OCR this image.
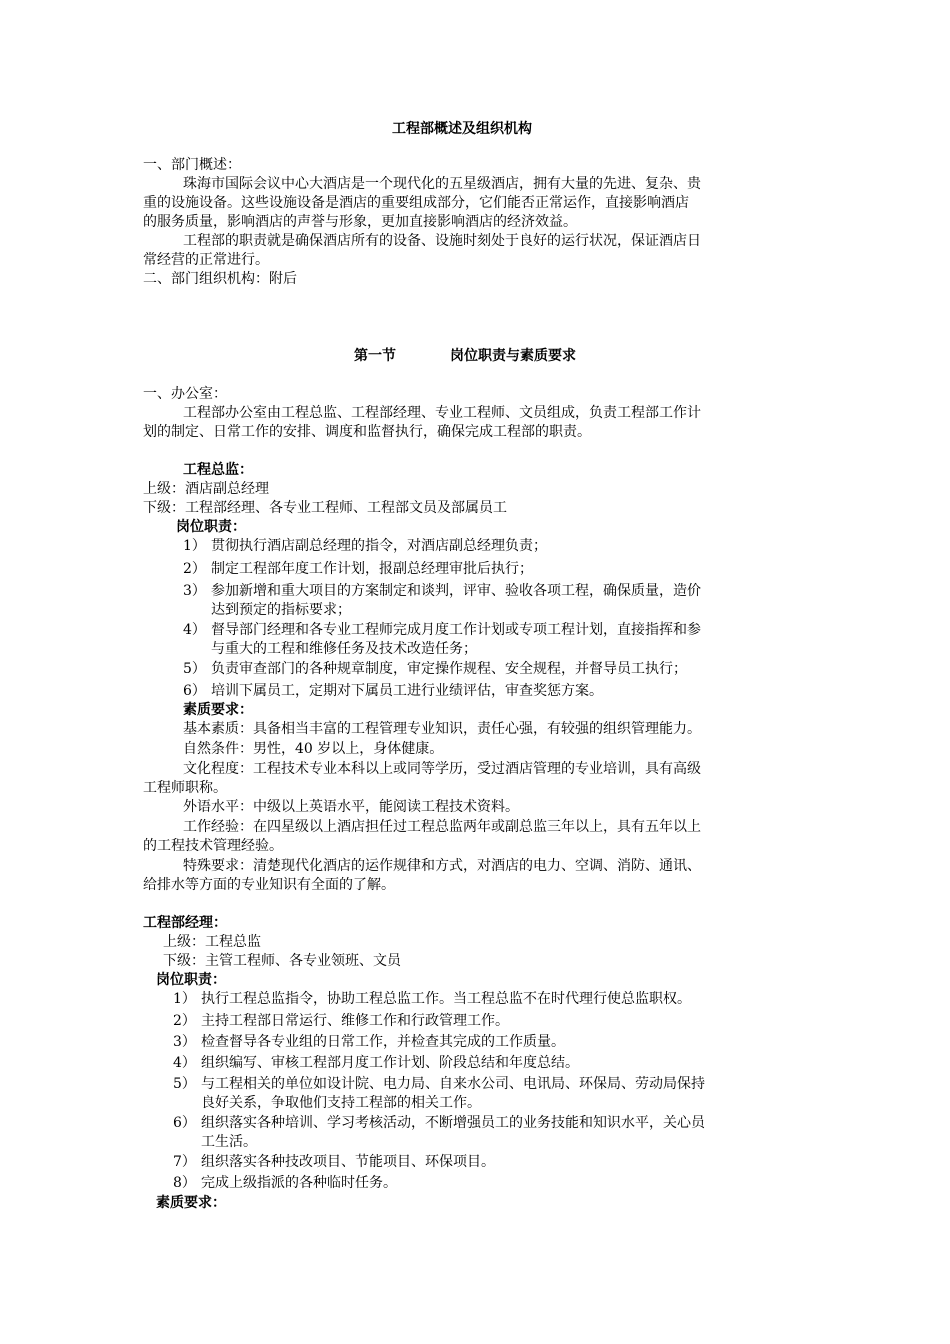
工程部概述及组织机构
一、部门概述：
珠海市国际会议中心大酒店是一个现代化的五星级酒店，拥有大量的先进、复杂、贵
重的设施设备。这些设施设备是酒店的重要组成部分，它们能否正常运作，直接影响酒店
的服务质量，影响酒店的声誉与形象，更加直接影响酒店的经济效益。
工程部的职责就是确保酒店所有的设备、设施时刻处于良好的运行状况，保证酒店日
常经营的正常进行。
二、部门组织机构：附后
第一节	岗位职责与素质要求
一、办公室：
工程部办公室由工程总监、工程部经理、专业工程师、文员组成，负责工程部工作计
划的制定、日常工作的安排、调度和监督执行，确保完成工程部的职责。
工程总监：
上级：酒店副总经理
下级：工程部经理、各专业工程师、工程部文员及部属员工
岗位职责：
1） 贯彻执行酒店副总经理的指令，对酒店副总经理负责；
2） 制定工程部年度工作计划，报副总经理审批后执行；
3） 参加新增和重大项目的方案制定和谈判，评审、验收各项工程，确保质量，造价
达到预定的指标要求；
4） 督导部门经理和各专业工程师完成月度工作计划或专项工程计划，直接指挥和参
与重大的工程和维修任务及技术改造任务；
5） 负责审查部门的各种规章制度，审定操作规程、安全规程，并督导员工执行；
6） 培训下属员工，定期对下属员工进行业绩评估，审查奖惩方案。
素质要求：
基本素质：具备相当丰富的工程管理专业知识，责任心强，有较强的组织管理能力。
自然条件：男性，40 岁以上，身体健康。
文化程度：工程技术专业本科以上或同等学历，受过酒店管理的专业培训，具有高级
工程师职称。
外语水平：中级以上英语水平，能阅读工程技术资料。
工作经验：在四星级以上酒店担任过工程总监两年或副总监三年以上，具有五年以上
的工程技术管理经验。
特殊要求：清楚现代化酒店的运作规律和方式，对酒店的电力、空调、消防、通讯、
给排水等方面的专业知识有全面的了解。
工程部经理：
上级：工程总监
下级：主管工程师、各专业领班、文员
岗位职责：
1） 执行工程总监指令，协助工程总监工作。当工程总监不在时代理行使总监职权。
2） 主持工程部日常运行、维修工作和行政管理工作。
3） 检查督导各专业组的日常工作，并检查其完成的工作质量。
4） 组织编写、审核工程部月度工作计划、阶段总结和年度总结。
5） 与工程相关的单位如设计院、电力局、自来水公司、电讯局、环保局、劳动局保持
良好关系，争取他们支持工程部的相关工作。
6） 组织落实各种培训、学习考核活动，不断增强员工的业务技能和知识水平，关心员
工生活。
7） 组织落实各种技改项目、节能项目、环保项目。
8） 完成上级指派的各种临时任务。
素质要求：
